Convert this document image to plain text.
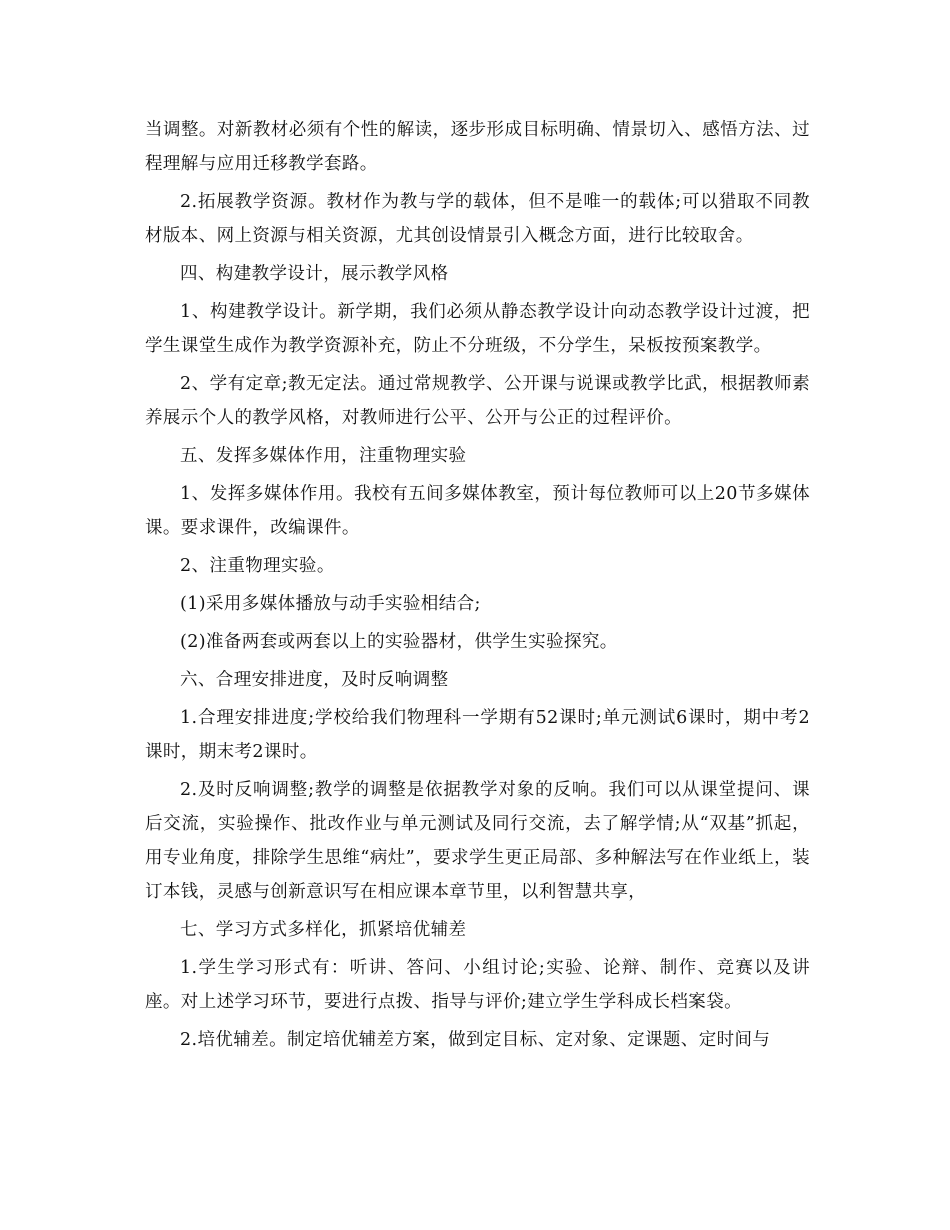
当调整。对新教材必须有个性的解读，逐步形成目标明确、情景切入、感悟方法、过程理解与应用迁移教学套路。

2.拓展教学资源。教材作为教与学的载体，但不是唯一的载体;可以猎取不同教材版本、网上资源与相关资源，尤其创设情景引入概念方面，进行比较取舍。

四、构建教学设计，展示教学风格

1、构建教学设计。新学期，我们必须从静态教学设计向动态教学设计过渡，把学生课堂生成作为教学资源补充，防止不分班级，不分学生，呆板按预案教学。

2、学有定章;教无定法。通过常规教学、公开课与说课或教学比武，根据教师素养展示个人的教学风格，对教师进行公平、公开与公正的过程评价。

五、发挥多媒体作用，注重物理实验

1、发挥多媒体作用。我校有五间多媒体教室，预计每位教师可以上20节多媒体课。要求课件，改编课件。

2、注重物理实验。

(1)采用多媒体播放与动手实验相结合;

(2)准备两套或两套以上的实验器材，供学生实验探究。

六、合理安排进度，及时反响调整

1.合理安排进度;学校给我们物理科一学期有52课时;单元测试6课时，期中考2课时，期末考2课时。

2.及时反响调整;教学的调整是依据教学对象的反响。我们可以从课堂提问、课后交流，实验操作、批改作业与单元测试及同行交流，去了解学情;从“双基”抓起，用专业角度，排除学生思维“病灶”，要求学生更正局部、多种解法写在作业纸上，装订本钱，灵感与创新意识写在相应课本章节里，以利智慧共享，

七、学习方式多样化，抓紧培优辅差

1.学生学习形式有：听讲、答问、小组讨论;实验、论辩、制作、竞赛以及讲座。对上述学习环节，要进行点拨、指导与评价;建立学生学科成长档案袋。

2.培优辅差。制定培优辅差方案，做到定目标、定对象、定课题、定时间与
